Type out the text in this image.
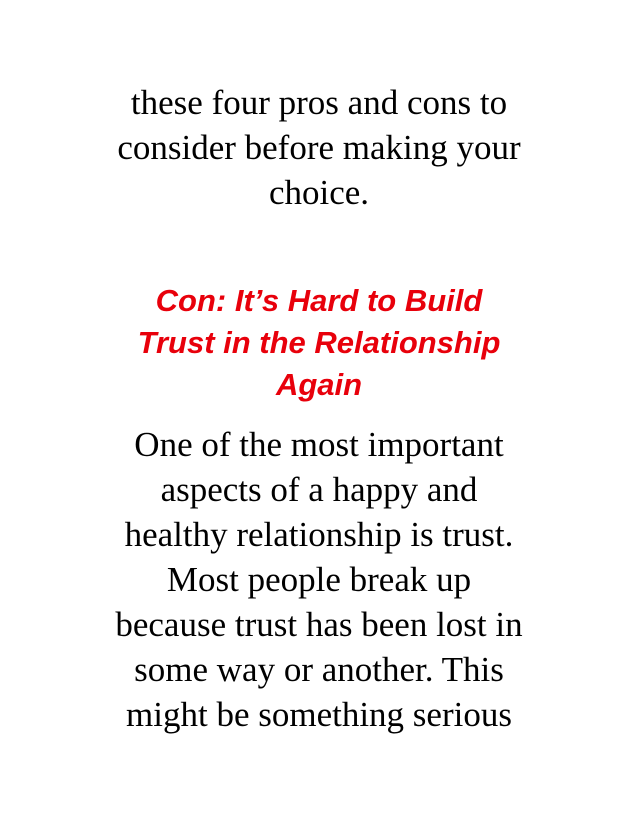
these four pros and cons to
consider before making your
choice.
Con: It’s Hard to Build
Trust in the Relationship
Again
One of the most important
aspects of a happy and
healthy relationship is trust.
Most people break up
because trust has been lost in
some way or another. This
might be something serious
